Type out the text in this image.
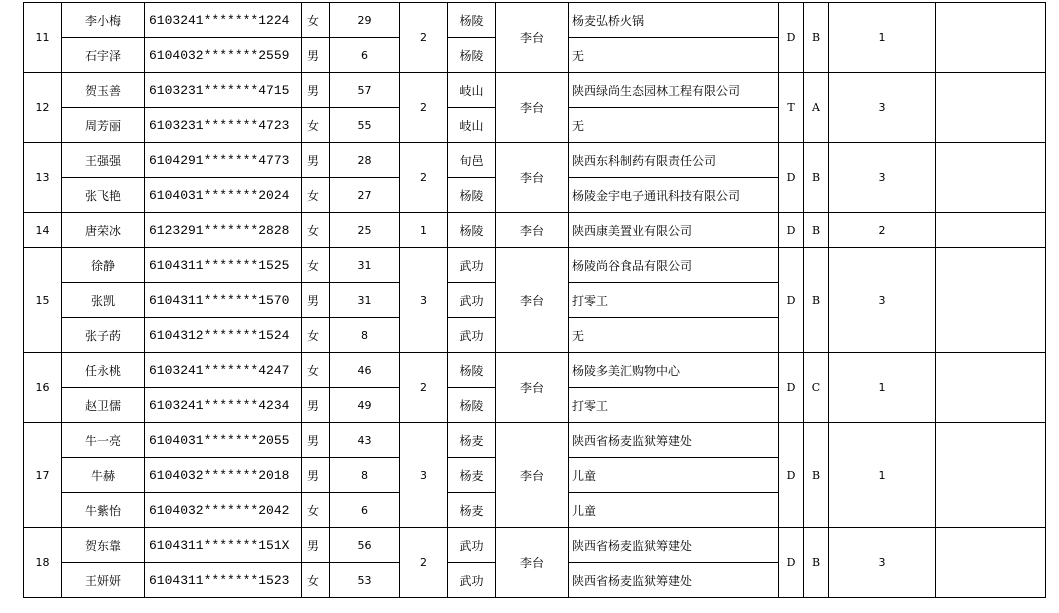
11	李小梅	6103241*******1224	女	29	2	杨陵	李台	杨麦弘桥火锅	D	B	1	
	石宇泽	6104032*******2559	男	6		杨陵		无				
12	贺玉善	6103231*******4715	男	57	2	岐山	李台	陕西绿尚生态园林工程有限公司	T	A	3	
	周芳丽	6103231*******4723	女	55		岐山		无				
13	王强强	6104291*******4773	男	28	2	旬邑	李台	陕西东科制药有限责任公司	D	B	3	
	张飞艳	6104031*******2024	女	27		杨陵		杨陵金宇电子通讯科技有限公司				
14	唐荣冰	6123291*******2828	女	25	1	杨陵	李台	陕西康美置业有限公司	D	B	2	
15	徐静	6104311*******1525	女	31	3	武功	李台	杨陵尚谷食品有限公司	D	B	3	
	张凯	6104311*******1570	男	31		武功		打零工				
	张子菂	6104312*******1524	女	8		武功		无				
16	任永桃	6103241*******4247	女	46	2	杨陵	李台	杨陵多美汇购物中心	D	C	1	
	赵卫儒	6103241*******4234	男	49		杨陵		打零工				
17	牛一亮	6104031*******2055	男	43	3	杨麦	李台	陕西省杨麦监狱筹建处	D	B	1	
	牛赫	6104032*******2018	男	8		杨麦		儿童				
	牛紫怡	6104032*******2042	女	6		杨麦		儿童				
18	贺东靠	6104311*******151X	男	56	2	武功	李台	陕西省杨麦监狱筹建处	D	B	3	
	王妍妍	6104311*******1523	女	53		武功		陕西省杨麦监狱筹建处				
